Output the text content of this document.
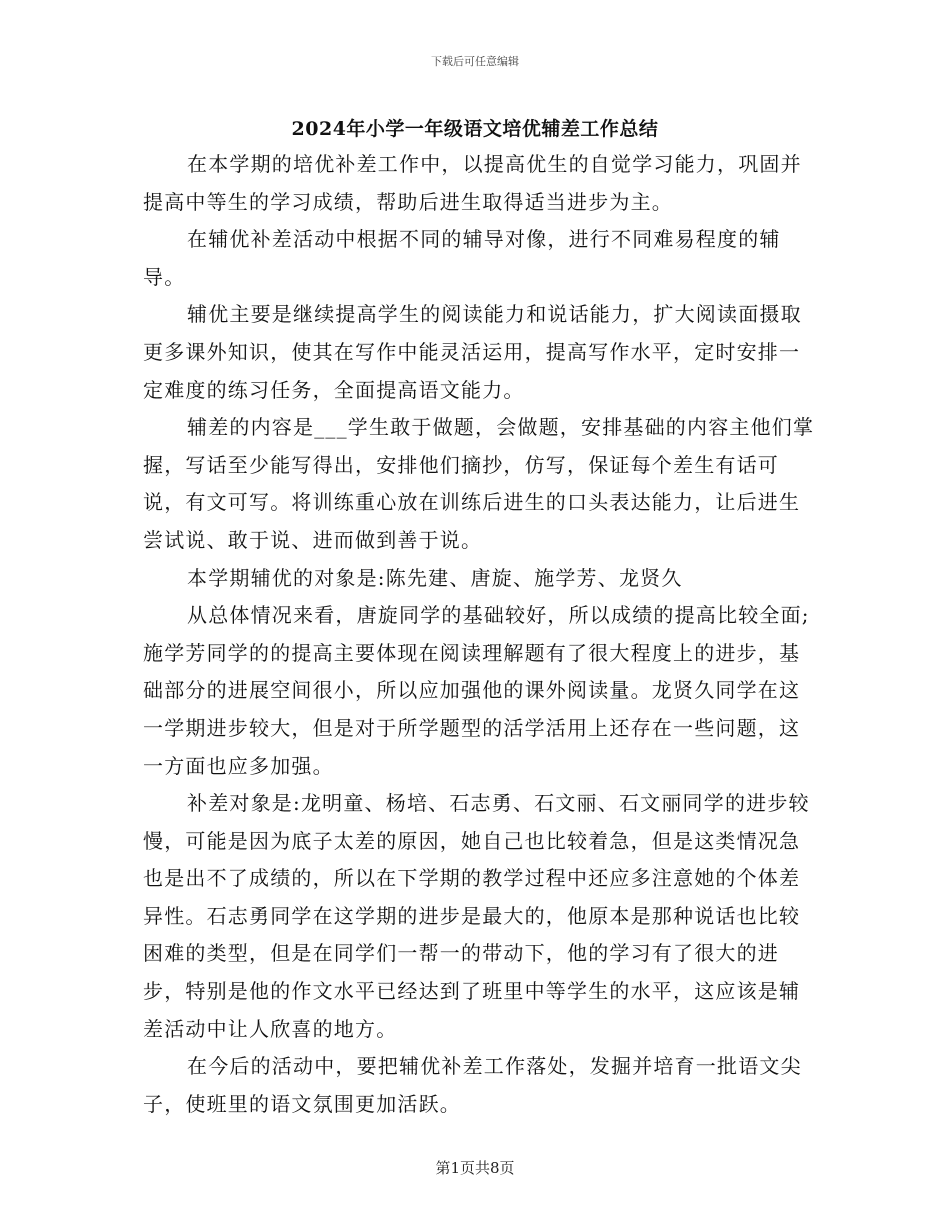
下载后可任意编辑
2024年小学一年级语文培优辅差工作总结

在本学期的培优补差工作中，以提高优生的自觉学习能力，巩固并提高中等生的学习成绩，帮助后进生取得适当进步为主。

在辅优补差活动中根据不同的辅导对像，进行不同难易程度的辅导。

辅优主要是继续提高学生的阅读能力和说话能力，扩大阅读面摄取更多课外知识，使其在写作中能灵活运用，提高写作水平，定时安排一定难度的练习任务，全面提高语文能力。

辅差的内容是___学生敢于做题，会做题，安排基础的内容主他们掌握，写话至少能写得出，安排他们摘抄，仿写，保证每个差生有话可说，有文可写。将训练重心放在训练后进生的口头表达能力，让后进生尝试说、敢于说、进而做到善于说。

本学期辅优的对象是:陈先建、唐旋、施学芳、龙贤久

从总体情况来看，唐旋同学的基础较好，所以成绩的提高比较全面;施学芳同学的的提高主要体现在阅读理解题有了很大程度上的进步，基础部分的进展空间很小，所以应加强他的课外阅读量。龙贤久同学在这一学期进步较大，但是对于所学题型的活学活用上还存在一些问题，这一方面也应多加强。

补差对象是:龙明童、杨培、石志勇、石文丽、石文丽同学的进步较慢，可能是因为底子太差的原因，她自己也比较着急，但是这类情况急也是出不了成绩的，所以在下学期的教学过程中还应多注意她的个体差异性。石志勇同学在这学期的进步是最大的，他原本是那种说话也比较困难的类型，但是在同学们一帮一的带动下，他的学习有了很大的进步，特别是他的作文水平已经达到了班里中等学生的水平，这应该是辅差活动中让人欣喜的地方。

在今后的活动中，要把辅优补差工作落处，发掘并培育一批语文尖子，使班里的语文氛围更加活跃。

第1页共8页
